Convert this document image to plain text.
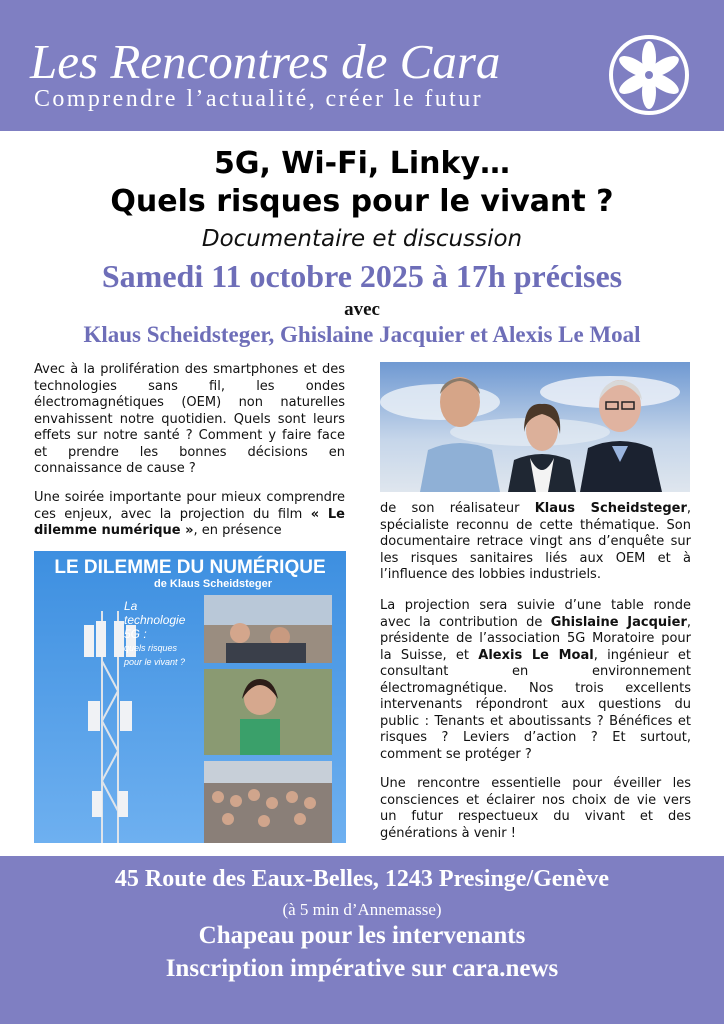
Les Rencontres de Cara
Comprendre l’actualité, créer le futur
5G, Wi-Fi, Linky…
Quels risques pour le vivant ?
Documentaire et discussion
Samedi 11 octobre 2025 à 17h précises
avec
Klaus Scheidsteger, Ghislaine Jacquier et Alexis Le Moal

Avec à la prolifération des smartphones et des technologies sans fil, les ondes électromagnétiques (OEM) non naturelles envahissent notre quotidien. Quels sont leurs effets sur notre santé ? Comment y faire face et prendre les bonnes décisions en connaissance de cause ?

Une soirée importante pour mieux comprendre ces enjeux, avec la projection du film « Le dilemme numérique », en présence

de son réalisateur Klaus Scheidsteger, spécialiste reconnu de cette thématique. Son documentaire retrace vingt ans d’enquête sur les risques sanitaires liés aux OEM et à l’influence des lobbies industriels.

La projection sera suivie d’une table ronde avec la contribution de Ghislaine Jacquier, présidente de l’association 5G Moratoire pour la Suisse, et Alexis Le Moal, ingénieur et consultant en environnement électromagnétique. Nos trois excellents intervenants répondront aux questions du public : Tenants et aboutissants ? Bénéfices et risques ? Leviers d’action ? Et surtout, comment se protéger ?

Une rencontre essentielle pour éveiller les consciences et éclairer nos choix de vie vers un futur respectueux du vivant et des générations à venir !

LE DILEMME DU NUMÉRIQUE
de Klaus Scheidsteger
La
technologie
5G :
quels risques
pour le vivant ?
45 Route des Eaux-Belles, 1243 Presinge/Genève
(à 5 min d’Annemasse)
Chapeau pour les intervenants
Inscription impérative sur cara.news
